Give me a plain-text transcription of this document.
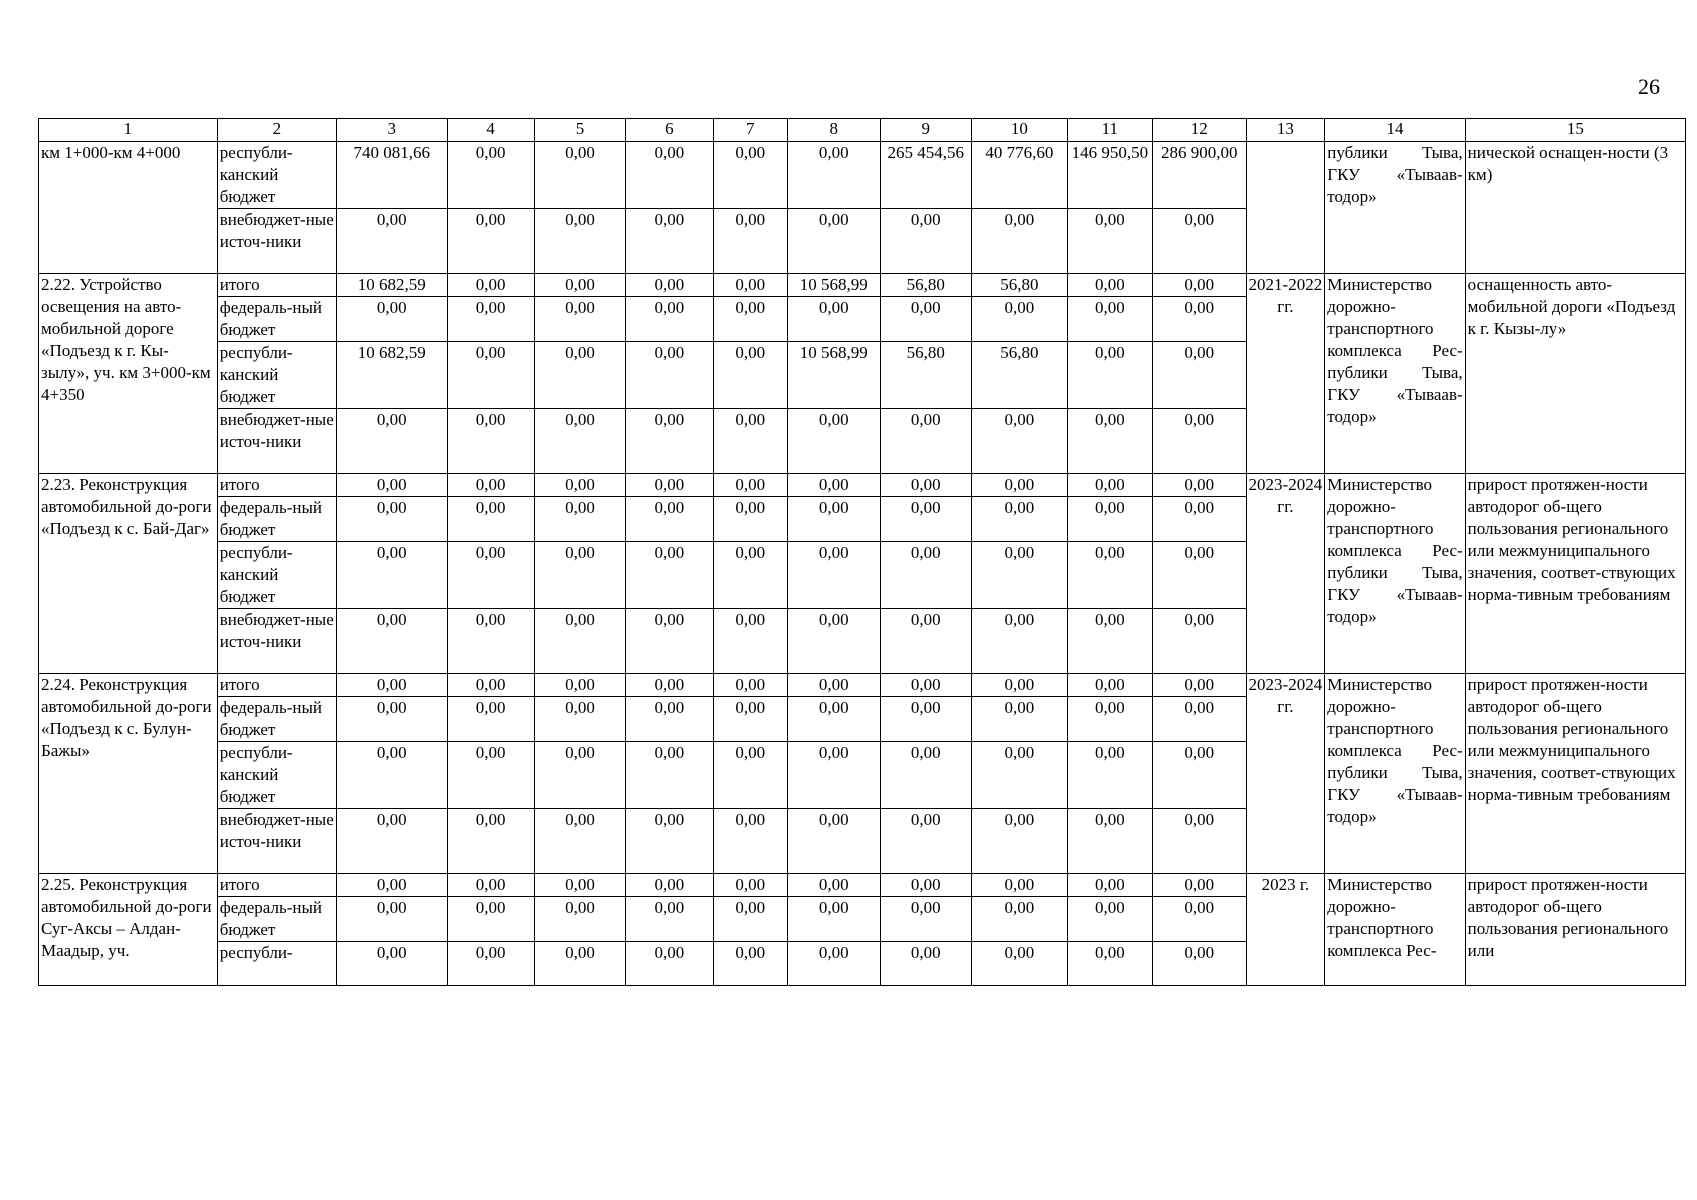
26
1	2	3	4	5	6	7	8	9	10	11	12	13	14	15
км 1+000-км 4+000	республи-канский бюджет	740 081,66	0,00	0,00	0,00	0,00	0,00	265 454,56	40 776,60	146 950,50	286 900,00		публики Тыва, ГКУ «Тываав-тодор»	нической оснащен-ности (3 км)
	внебюджет-ные источ-ники	0,00	0,00	0,00	0,00	0,00	0,00	0,00	0,00	0,00	0,00			
2.22. Устройство освещения на авто-мобильной дороге «Подъезд к г. Кы-зылу», уч. км 3+000-км 4+350	итого	10 682,59	0,00	0,00	0,00	0,00	10 568,99	56,80	56,80	0,00	0,00	2021-2022 гг.	Министерство дорожно-транспортного комплекса Рес-публики Тыва, ГКУ «Тываав-тодор»	оснащенность авто-мобильной дороги «Подъезд к г. Кызы-лу»
	федераль-ный бюджет	0,00	0,00	0,00	0,00	0,00	0,00	0,00	0,00	0,00	0,00			
	республи-канский бюджет	10 682,59	0,00	0,00	0,00	0,00	10 568,99	56,80	56,80	0,00	0,00			
	внебюджет-ные источ-ники	0,00	0,00	0,00	0,00	0,00	0,00	0,00	0,00	0,00	0,00			
2.23. Реконструкция автомобильной до-роги «Подъезд к с. Бай-Даг»	итого	0,00	0,00	0,00	0,00	0,00	0,00	0,00	0,00	0,00	0,00	2023-2024 гг.	Министерство дорожно-транспортного комплекса Рес-публики Тыва, ГКУ «Тываав-тодор»	прирост протяжен-ности автодорог об-щего пользования регионального или межмуниципального значения, соответ-ствующих норма-тивным требованиям
	федераль-ный бюджет	0,00	0,00	0,00	0,00	0,00	0,00	0,00	0,00	0,00	0,00			
	республи-канский бюджет	0,00	0,00	0,00	0,00	0,00	0,00	0,00	0,00	0,00	0,00			
	внебюджет-ные источ-ники	0,00	0,00	0,00	0,00	0,00	0,00	0,00	0,00	0,00	0,00			
2.24. Реконструкция автомобильной до-роги «Подъезд к с. Булун-Бажы»	итого	0,00	0,00	0,00	0,00	0,00	0,00	0,00	0,00	0,00	0,00	2023-2024 гг.	Министерство дорожно-транспортного комплекса Рес-публики Тыва, ГКУ «Тываав-тодор»	прирост протяжен-ности автодорог об-щего пользования регионального или межмуниципального значения, соответ-ствующих норма-тивным требованиям
	федераль-ный бюджет	0,00	0,00	0,00	0,00	0,00	0,00	0,00	0,00	0,00	0,00			
	республи-канский бюджет	0,00	0,00	0,00	0,00	0,00	0,00	0,00	0,00	0,00	0,00			
	внебюджет-ные источ-ники	0,00	0,00	0,00	0,00	0,00	0,00	0,00	0,00	0,00	0,00			
2.25. Реконструкция автомобильной до-роги Суг-Аксы – Алдан-Маадыр, уч.	итого	0,00	0,00	0,00	0,00	0,00	0,00	0,00	0,00	0,00	0,00	2023 г.	Министерство дорожно-транспортного комплекса Рес-	прирост протяжен-ности автодорог об-щего пользования регионального или
	федераль-ный бюджет	0,00	0,00	0,00	0,00	0,00	0,00	0,00	0,00	0,00	0,00			
	республи-	0,00	0,00	0,00	0,00	0,00	0,00	0,00	0,00	0,00	0,00			
